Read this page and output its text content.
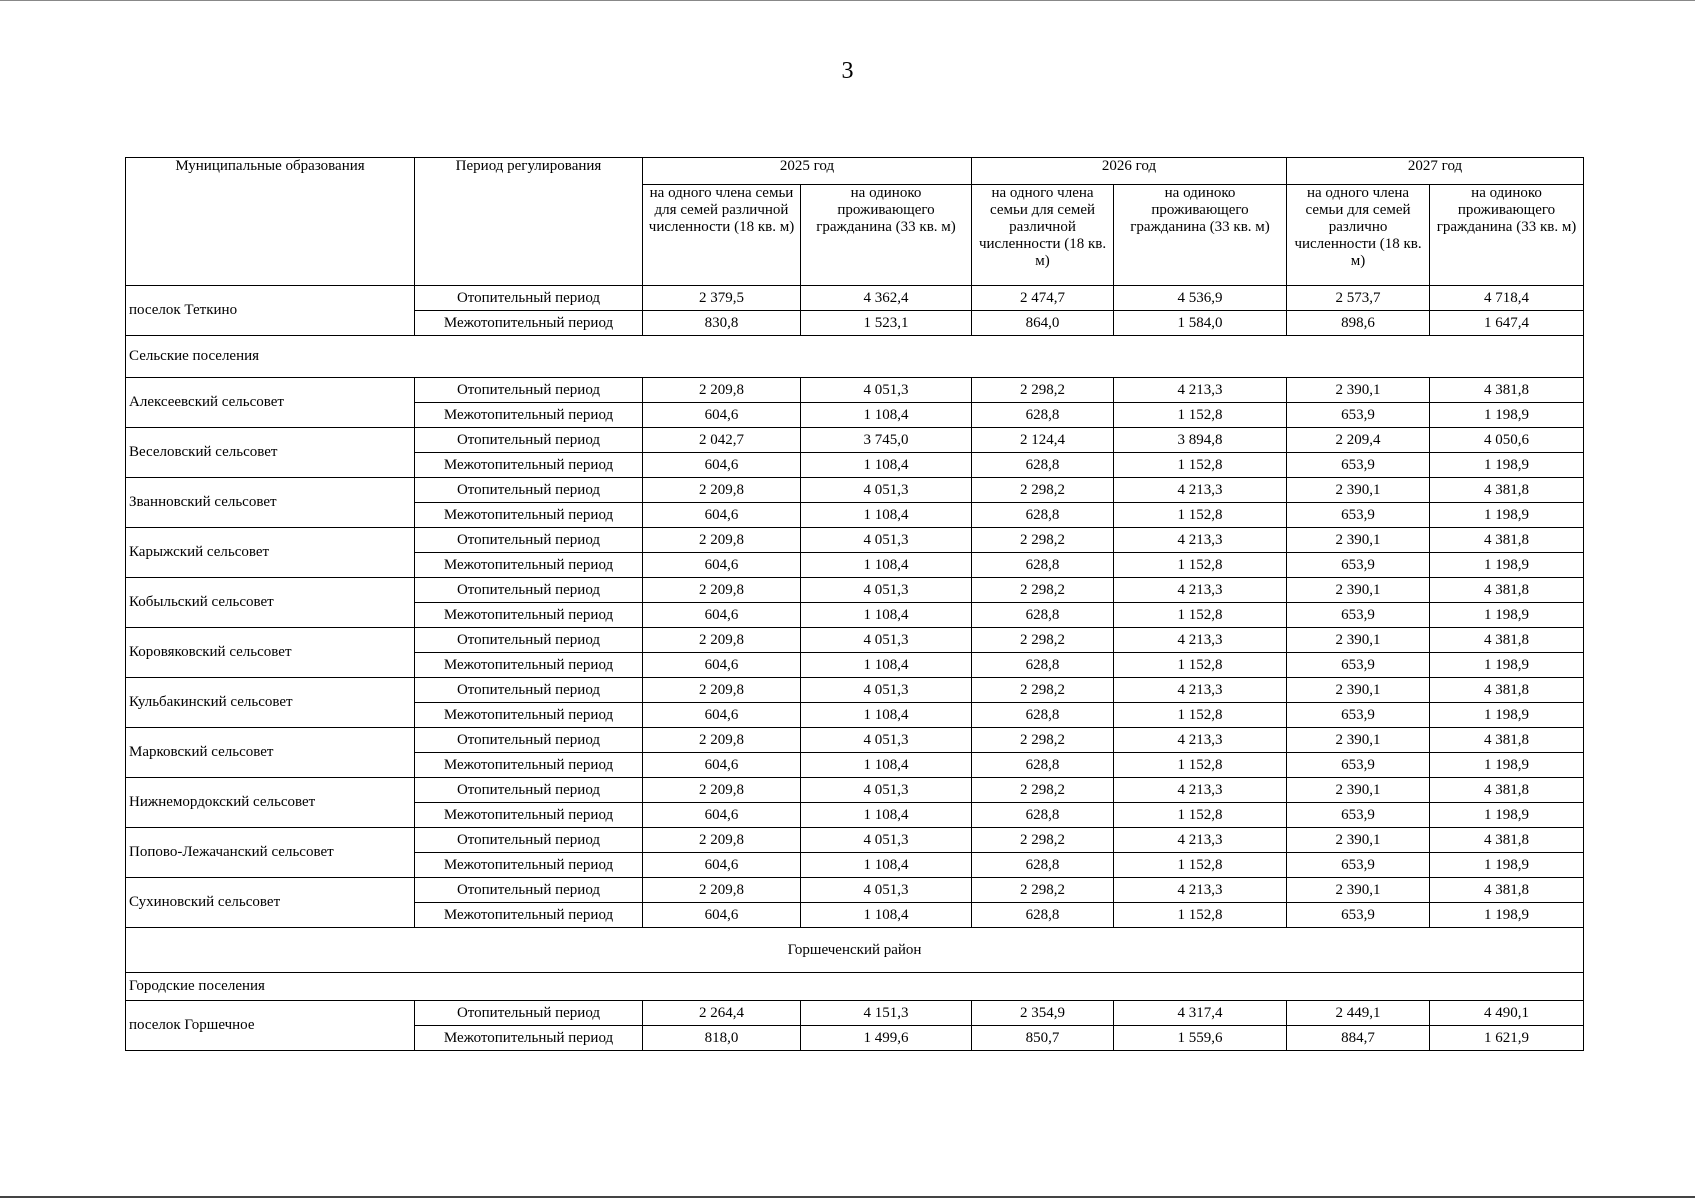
3
Муниципальные образования	Период регулирования	2025 год		2026 год		2027 год	
		на одного члена семьи для семей различной численности (18 кв. м)	на одиноко проживающего гражданина (33 кв. м)	на одного члена семьи для семей различной численности (18 кв. м)	на одиноко проживающего гражданина (33 кв. м)	на одного члена семьи для семей различно численности (18 кв. м)	на одиноко проживающего гражданина (33 кв. м)
поселок Теткино	Отопительный период	2 379,5	4 362,4	2 474,7	4 536,9	2 573,7	4 718,4
	Межотопительный период	830,8	1 523,1	864,0	1 584,0	898,6	1 647,4
Сельские поселения							
Алексеевский сельсовет	Отопительный период	2 209,8	4 051,3	2 298,2	4 213,3	2 390,1	4 381,8
	Межотопительный период	604,6	1 108,4	628,8	1 152,8	653,9	1 198,9
Веселовский сельсовет	Отопительный период	2 042,7	3 745,0	2 124,4	3 894,8	2 209,4	4 050,6
	Межотопительный период	604,6	1 108,4	628,8	1 152,8	653,9	1 198,9
Званновский сельсовет	Отопительный период	2 209,8	4 051,3	2 298,2	4 213,3	2 390,1	4 381,8
	Межотопительный период	604,6	1 108,4	628,8	1 152,8	653,9	1 198,9
Карыжский сельсовет	Отопительный период	2 209,8	4 051,3	2 298,2	4 213,3	2 390,1	4 381,8
	Межотопительный период	604,6	1 108,4	628,8	1 152,8	653,9	1 198,9
Кобыльский сельсовет	Отопительный период	2 209,8	4 051,3	2 298,2	4 213,3	2 390,1	4 381,8
	Межотопительный период	604,6	1 108,4	628,8	1 152,8	653,9	1 198,9
Коровяковский сельсовет	Отопительный период	2 209,8	4 051,3	2 298,2	4 213,3	2 390,1	4 381,8
	Межотопительный период	604,6	1 108,4	628,8	1 152,8	653,9	1 198,9
Кульбакинский сельсовет	Отопительный период	2 209,8	4 051,3	2 298,2	4 213,3	2 390,1	4 381,8
	Межотопительный период	604,6	1 108,4	628,8	1 152,8	653,9	1 198,9
Марковский сельсовет	Отопительный период	2 209,8	4 051,3	2 298,2	4 213,3	2 390,1	4 381,8
	Межотопительный период	604,6	1 108,4	628,8	1 152,8	653,9	1 198,9
Нижнемордокский сельсовет	Отопительный период	2 209,8	4 051,3	2 298,2	4 213,3	2 390,1	4 381,8
	Межотопительный период	604,6	1 108,4	628,8	1 152,8	653,9	1 198,9
Попово-Лежачанский сельсовет	Отопительный период	2 209,8	4 051,3	2 298,2	4 213,3	2 390,1	4 381,8
	Межотопительный период	604,6	1 108,4	628,8	1 152,8	653,9	1 198,9
Сухиновский сельсовет	Отопительный период	2 209,8	4 051,3	2 298,2	4 213,3	2 390,1	4 381,8
	Межотопительный период	604,6	1 108,4	628,8	1 152,8	653,9	1 198,9
Горшеченский район							
Городские поселения							
поселок Горшечное	Отопительный период	2 264,4	4 151,3	2 354,9	4 317,4	2 449,1	4 490,1
	Межотопительный период	818,0	1 499,6	850,7	1 559,6	884,7	1 621,9
